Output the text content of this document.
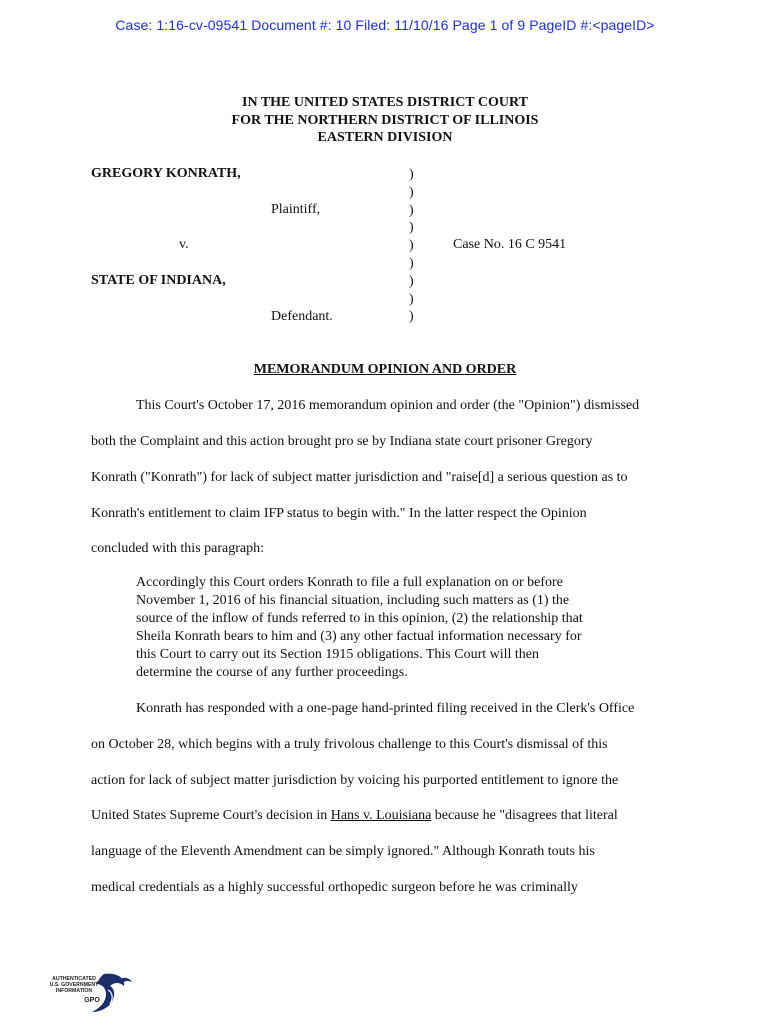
Case: 1:16-cv-09541 Document #: 10 Filed: 11/10/16 Page 1 of 9 PageID #:<pageID>
IN THE UNITED STATES DISTRICT COURT
FOR THE NORTHERN DISTRICT OF ILLINOIS
EASTERN DIVISION
GREGORY KONRATH,
Plaintiff,
v.	Case No. 16 C 9541
STATE OF INDIANA,
Defendant.
)
)
)
)
)
)
)
)
)
MEMORANDUM OPINION AND ORDER
This Court's October 17, 2016 memorandum opinion and order (the "Opinion") dismissed
both the Complaint and this action brought pro se by Indiana state court prisoner Gregory
Konrath ("Konrath") for lack of subject matter jurisdiction and "raise[d] a serious question as to
Konrath's entitlement to claim IFP status to begin with." In the latter respect the Opinion
concluded with this paragraph:
Accordingly this Court orders Konrath to file a full explanation on or before
November 1, 2016 of his financial situation, including such matters as (1) the
source of the inflow of funds referred to in this opinion, (2) the relationship that
Sheila Konrath bears to him and (3) any other factual information necessary for
this Court to carry out its Section 1915 obligations. This Court will then
determine the course of any further proceedings.
Konrath has responded with a one-page hand-printed filing received in the Clerk's Office
on October 28, which begins with a truly frivolous challenge to this Court's dismissal of this
action for lack of subject matter jurisdiction by voicing his purported entitlement to ignore the
United States Supreme Court's decision in Hans v. Louisiana because he "disagrees that literal
language of the Eleventh Amendment can be simply ignored." Although Konrath touts his
medical credentials as a highly successful orthopedic surgeon before he was criminally
AUTHENTICATED
U.S. GOVERNMENT
INFORMATION
GPO
